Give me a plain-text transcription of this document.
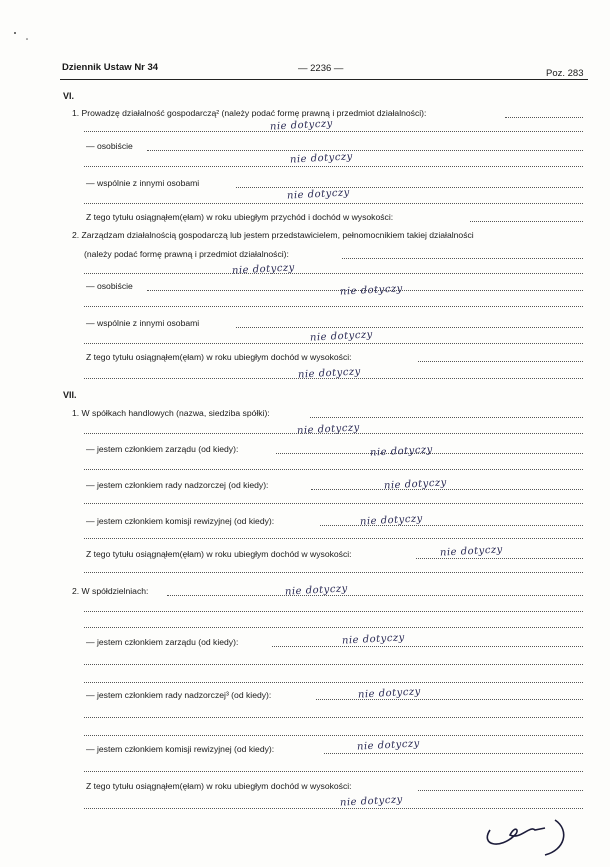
Dziennik Ustaw Nr 34	— 2236 —	Poz. 283
VI.
1. Prowadzę działalność gospodarczą² (należy podać formę prawną i przedmiot działalności):
nie dotyczy
— osobiście
nie dotyczy
— wspólnie z innymi osobami
nie dotyczy
Z tego tytułu osiągnąłem(ęłam) w roku ubiegłym przychód i dochód w wysokości:
2. Zarządzam działalnością gospodarczą lub jestem przedstawicielem, pełnomocnikiem takiej działalności
(należy podać formę prawną i przedmiot działalności):
nie dotyczy
— osobiście	nie dotyczy
— wspólnie z innymi osobami
nie dotyczy
Z tego tytułu osiągnąłem(ęłam) w roku ubiegłym dochód w wysokości:
nie dotyczy
VII.
1. W spółkach handlowych (nazwa, siedziba spółki):
nie dotyczy
— jestem członkiem zarządu (od kiedy):	nie dotyczy
— jestem członkiem rady nadzorczej (od kiedy):	nie dotyczy
— jestem członkiem komisji rewizyjnej (od kiedy):	nie dotyczy
Z tego tytułu osiągnąłem(ęłam) w roku ubiegłym dochód w wysokości:	nie dotyczy
2. W spółdzielniach:	nie dotyczy
— jestem członkiem zarządu (od kiedy):	nie dotyczy
— jestem członkiem rady nadzorczej³ (od kiedy):	nie dotyczy
— jestem członkiem komisji rewizyjnej (od kiedy):	nie dotyczy
Z tego tytułu osiągnąłem(ęłam) w roku ubiegłym dochód w wysokości:
nie dotyczy
